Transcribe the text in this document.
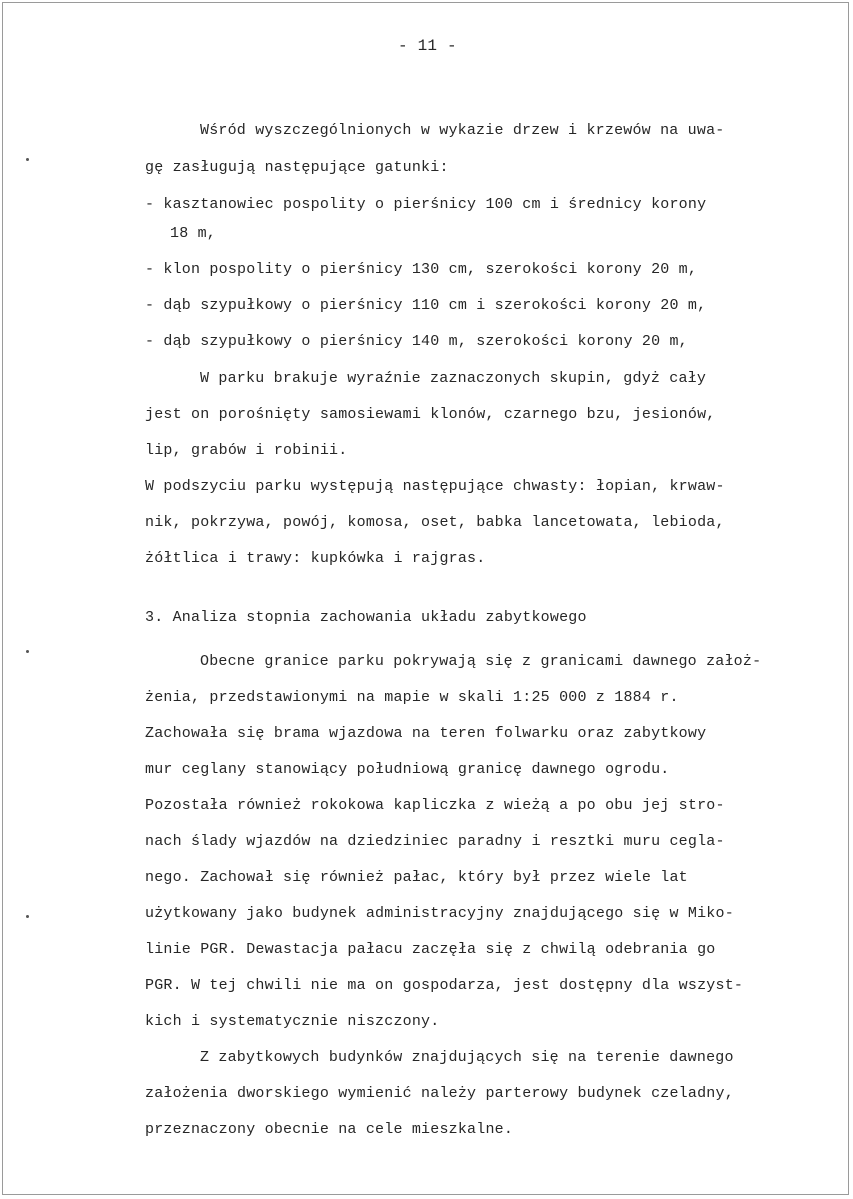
- 11 -
Wśród wyszczególnionych w wykazie drzew i krzewów na uwa-
gę zasługują następujące gatunki:
- kasztanowiec pospolity o pierśnicy 100 cm i średnicy korony
18 m,
- klon pospolity o pierśnicy 130 cm, szerokości korony 20 m,
- dąb szypułkowy o pierśnicy 110 cm i szerokości korony 20 m,
- dąb szypułkowy o pierśnicy 140 m, szerokości korony 20 m,
W parku brakuje wyraźnie zaznaczonych skupin, gdyż cały
jest on porośnięty samosiewami klonów, czarnego bzu, jesionów,
lip, grabów i robinii.
W podszyciu parku występują następujące chwasty: łopian, krwaw-
nik, pokrzywa, powój, komosa, oset, babka lancetowata, lebioda,
żółtlica i trawy: kupkówka i rajgras.
3. Analiza stopnia zachowania układu zabytkowego
Obecne granice parku pokrywają się z granicami dawnego założ-
żenia, przedstawionymi na mapie w skali 1:25 000 z 1884 r.
Zachowała się brama wjazdowa na teren folwarku oraz zabytkowy
mur ceglany stanowiący południową granicę dawnego ogrodu.
Pozostała również rokokowa kapliczka z wieżą a po obu jej stro-
nach ślady wjazdów na dziedziniec paradny i resztki muru cegla-
nego. Zachował się również pałac, który był przez wiele lat
użytkowany jako budynek administracyjny znajdującego się w Miko-
linie PGR. Dewastacja pałacu zaczęła się z chwilą odebrania go
PGR. W tej chwili nie ma on gospodarza, jest dostępny dla wszyst-
kich i systematycznie niszczony.
Z zabytkowych budynków znajdujących się na terenie dawnego
założenia dworskiego wymienić należy parterowy budynek czeladny,
przeznaczony obecnie na cele mieszkalne.
